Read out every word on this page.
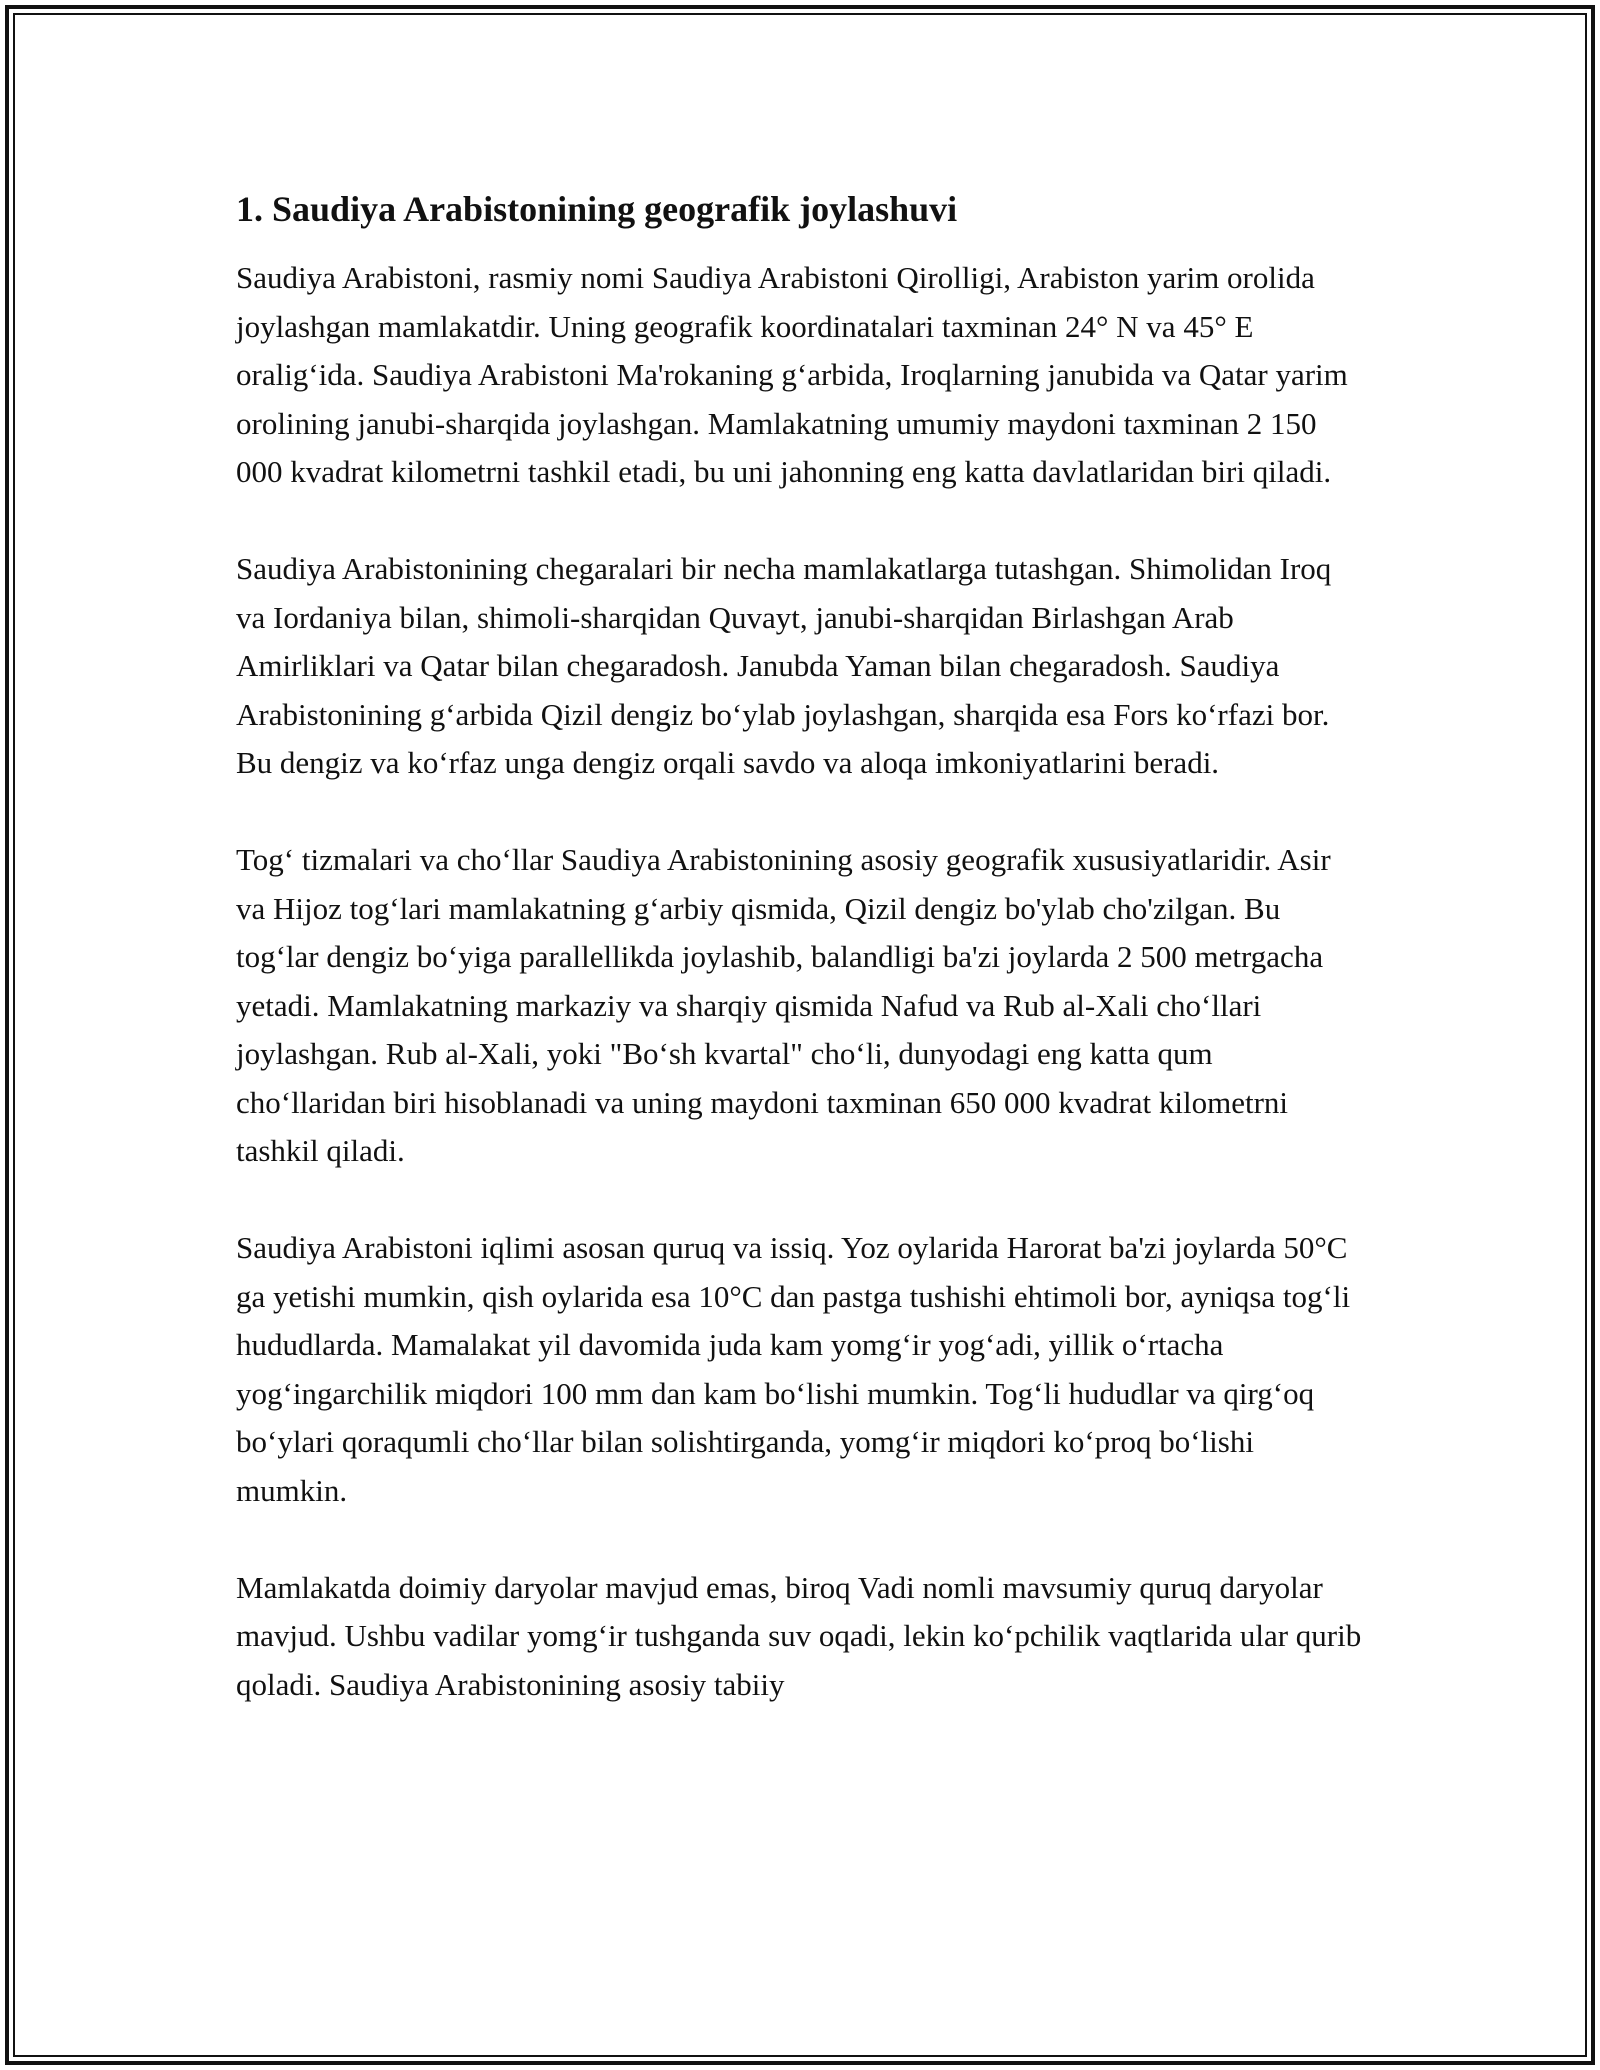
1. Saudiya Arabistonining geografik joylashuvi

Saudiya Arabistoni, rasmiy nomi Saudiya Arabistoni Qirolligi, Arabiston yarim orolida joylashgan mamlakatdir. Uning geografik koordinatalari taxminan 24° N va 45° E oralig‘ida. Saudiya Arabistoni Ma'rokaning g‘arbida, Iroqlarning janubida va Qatar yarim orolining janubi-sharqida joylashgan. Mamlakatning umumiy maydoni taxminan 2 150 000 kvadrat kilometrni tashkil etadi, bu uni jahonning eng katta davlatlaridan biri qiladi.

Saudiya Arabistonining chegaralari bir necha mamlakatlarga tutashgan. Shimolidan Iroq va Iordaniya bilan, shimoli-sharqidan Quvayt, janubi-sharqidan Birlashgan Arab Amirliklari va Qatar bilan chegaradosh. Janubda Yaman bilan chegaradosh. Saudiya Arabistonining g‘arbida Qizil dengiz bo‘ylab joylashgan, sharqida esa Fors ko‘rfazi bor. Bu dengiz va ko‘rfaz unga dengiz orqali savdo va aloqa imkoniyatlarini beradi.

Tog‘ tizmalari va cho‘llar Saudiya Arabistonining asosiy geografik xususiyatlaridir. Asir va Hijoz tog‘lari mamlakatning g‘arbiy qismida, Qizil dengiz bo'ylab cho'zilgan. Bu tog‘lar dengiz bo‘yiga parallellikda joylashib, balandligi ba'zi joylarda 2 500 metrgacha yetadi. Mamlakatning markaziy va sharqiy qismida Nafud va Rub al-Xali cho‘llari joylashgan. Rub al-Xali, yoki "Bo‘sh kvartal" cho‘li, dunyodagi eng katta qum cho‘llaridan biri hisoblanadi va uning maydoni taxminan 650 000 kvadrat kilometrni tashkil qiladi.

Saudiya Arabistoni iqlimi asosan quruq va issiq. Yoz oylarida Harorat ba'zi joylarda 50°C ga yetishi mumkin, qish oylarida esa 10°C dan pastga tushishi ehtimoli bor, ayniqsa tog‘li hududlarda. Mamalakat yil davomida juda kam yomg‘ir yog‘adi, yillik o‘rtacha yog‘ingarchilik miqdori 100 mm dan kam bo‘lishi mumkin. Tog‘li hududlar va qirg‘oq bo‘ylari qoraqumli cho‘llar bilan solishtirganda, yomg‘ir miqdori ko‘proq bo‘lishi mumkin.

Mamlakatda doimiy daryolar mavjud emas, biroq Vadi nomli mavsumiy quruq daryolar mavjud. Ushbu vadilar yomg‘ir tushganda suv oqadi, lekin ko‘pchilik vaqtlarida ular qurib qoladi. Saudiya Arabistonining asosiy tabiiy
